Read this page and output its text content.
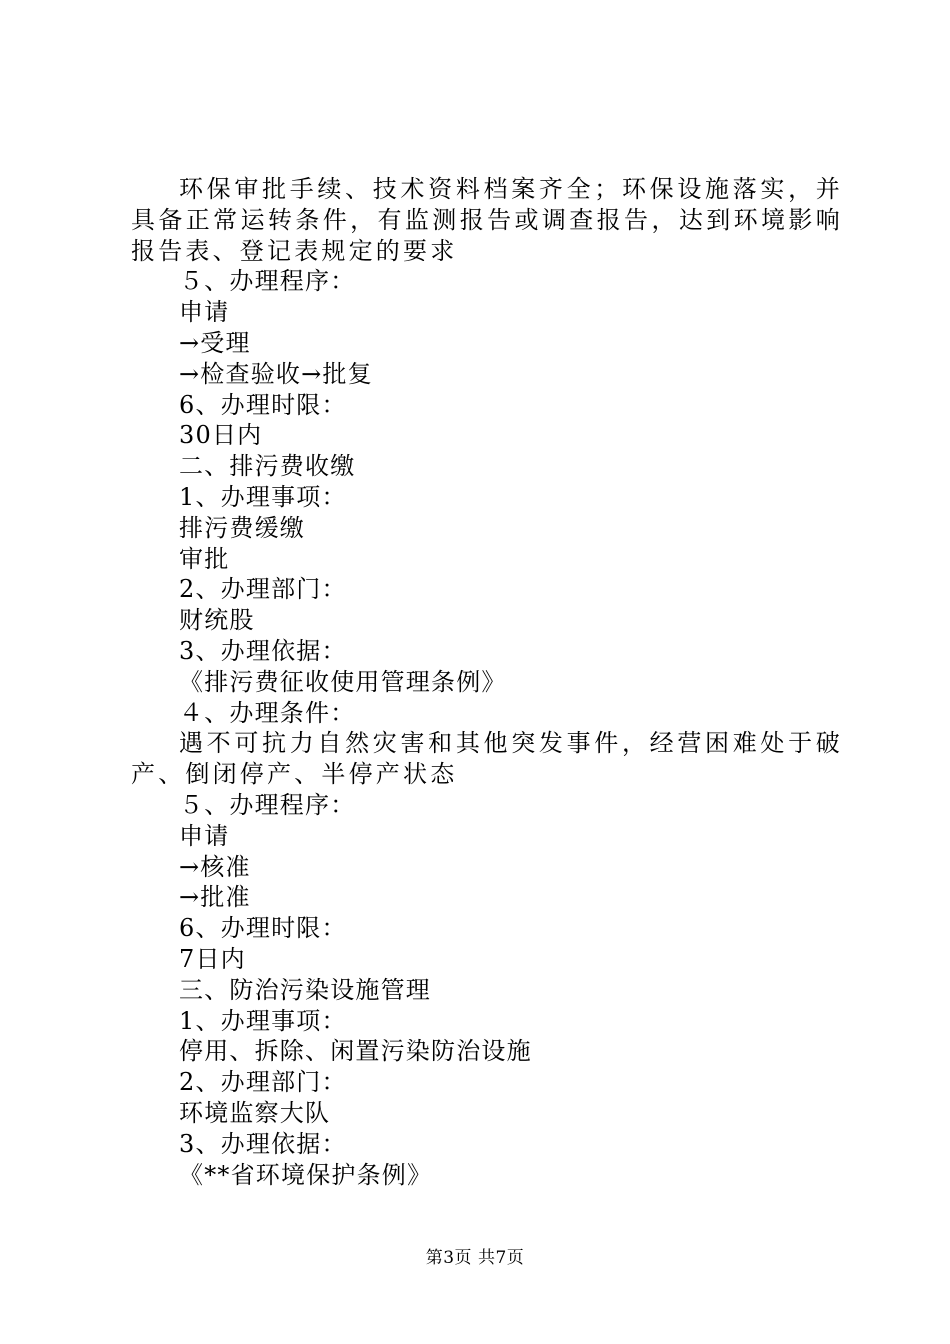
环保审批手续、技术资料档案齐全；环保设施落实，并具备正常运转条件，有监测报告或调查报告，达到环境影响报告表、登记表规定的要求

５、办理程序：

申请

→受理

→检查验收→批复

6、办理时限：

30日内

二、排污费收缴

1、办理事项：

排污费缓缴

审批

2、办理部门：

财统股

3、办理依据：

《排污费征收使用管理条例》

４、办理条件：

遇不可抗力自然灾害和其他突发事件，经营困难处于破产、倒闭停产、半停产状态

５、办理程序：

申请

→核准

→批准

6、办理时限：

7日内

三、防治污染设施管理

1、办理事项：

停用、拆除、闲置污染防治设施

2、办理部门：

环境监察大队

3、办理依据：

《**省环境保护条例》

第3页 共7页
